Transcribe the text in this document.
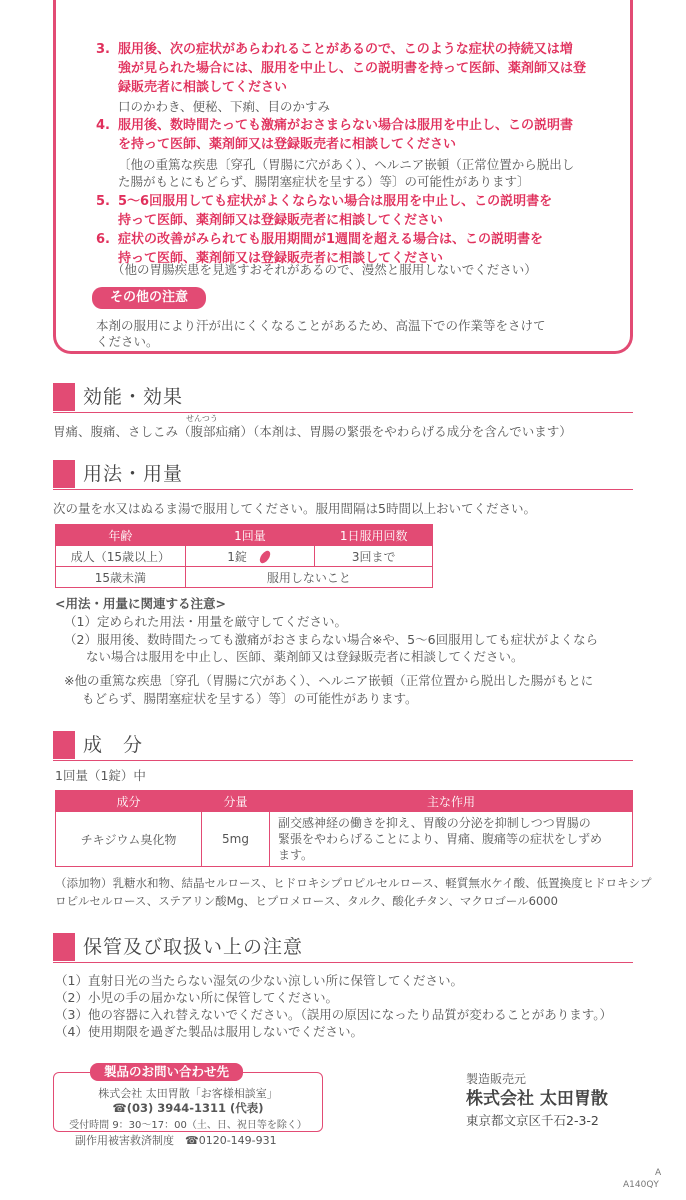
3. 服用後、次の症状があらわれることがあるので、このような症状の持続又は増
強が見られた場合には、服用を中止し、この説明書を持って医師、薬剤師又は登
録販売者に相談してください
口のかわき、便秘、下痢、目のかすみ
4. 服用後、数時間たっても激痛がおさまらない場合は服用を中止し、この説明書
を持って医師、薬剤師又は登録販売者に相談してください
〔他の重篤な疾患〔穿孔（胃腸に穴があく）、ヘルニア嵌頓（正常位置から脱出し
た腸がもとにもどらず、腸閉塞症状を呈する）等〕の可能性があります〕
5. 5～6回服用しても症状がよくならない場合は服用を中止し、この説明書を
持って医師、薬剤師又は登録販売者に相談してください
6. 症状の改善がみられても服用期間が1週間を超える場合は、この説明書を
持って医師、薬剤師又は登録販売者に相談してください
（他の胃腸疾患を見逃すおそれがあるので、漫然と服用しないでください）
その他の注意
本剤の服用により汗が出にくくなることがあるため、高温下での作業等をさけて
ください。
効能・効果
せんつう
胃痛、腹痛、さしこみ（腹部疝痛）（本剤は、胃腸の緊張をやわらげる成分を含んでいます）
用法・用量
次の量を水又はぬるま湯で服用してください。服用間隔は5時間以上おいてください。
年齢	1回量	1日服用回数
成人（15歳以上）	1錠	3回まで
15歳未満	服用しないこと	
<用法・用量に関連する注意>
（1）定められた用法・用量を厳守してください。
（2）服用後、数時間たっても激痛がおさまらない場合※や、5～6回服用しても症状がよくなら
ない場合は服用を中止し、医師、薬剤師又は登録販売者に相談してください。
※他の重篤な疾患〔穿孔（胃腸に穴があく）、ヘルニア嵌頓（正常位置から脱出した腸がもとに
もどらず、腸閉塞症状を呈する）等〕の可能性があります。
成　分
1回量（1錠）中
成分	分量	主な作用
チキジウム臭化物	5mg	副交感神経の働きを抑え、胃酸の分泌を抑制しつつ胃腸の
緊張をやわらげることにより、胃痛、腹痛等の症状をしずめ
ます。
（添加物）乳糖水和物、結晶セルロース、ヒドロキシプロピルセルロース、軽質無水ケイ酸、低置換度ヒドロキシプ
ロピルセルロース、ステアリン酸Mg、ヒプロメロース、タルク、酸化チタン、マクロゴール6000
保管及び取扱い上の注意
（1）直射日光の当たらない湿気の少ない涼しい所に保管してください。
（2）小児の手の届かない所に保管してください。
（3）他の容器に入れ替えないでください。（誤用の原因になったり品質が変わることがあります。）
（4）使用期限を過ぎた製品は服用しないでください。
製品のお問い合わせ先
株式会社 太田胃散「お客様相談室」
☎(03) 3944-1311 (代表)
受付時間 9：30～17：00（土、日、祝日等を除く）
副作用被害救済制度　☎0120-149-931
製造販売元
株式会社 太田胃散
東京都文京区千石2-3-2
A
A140QY
